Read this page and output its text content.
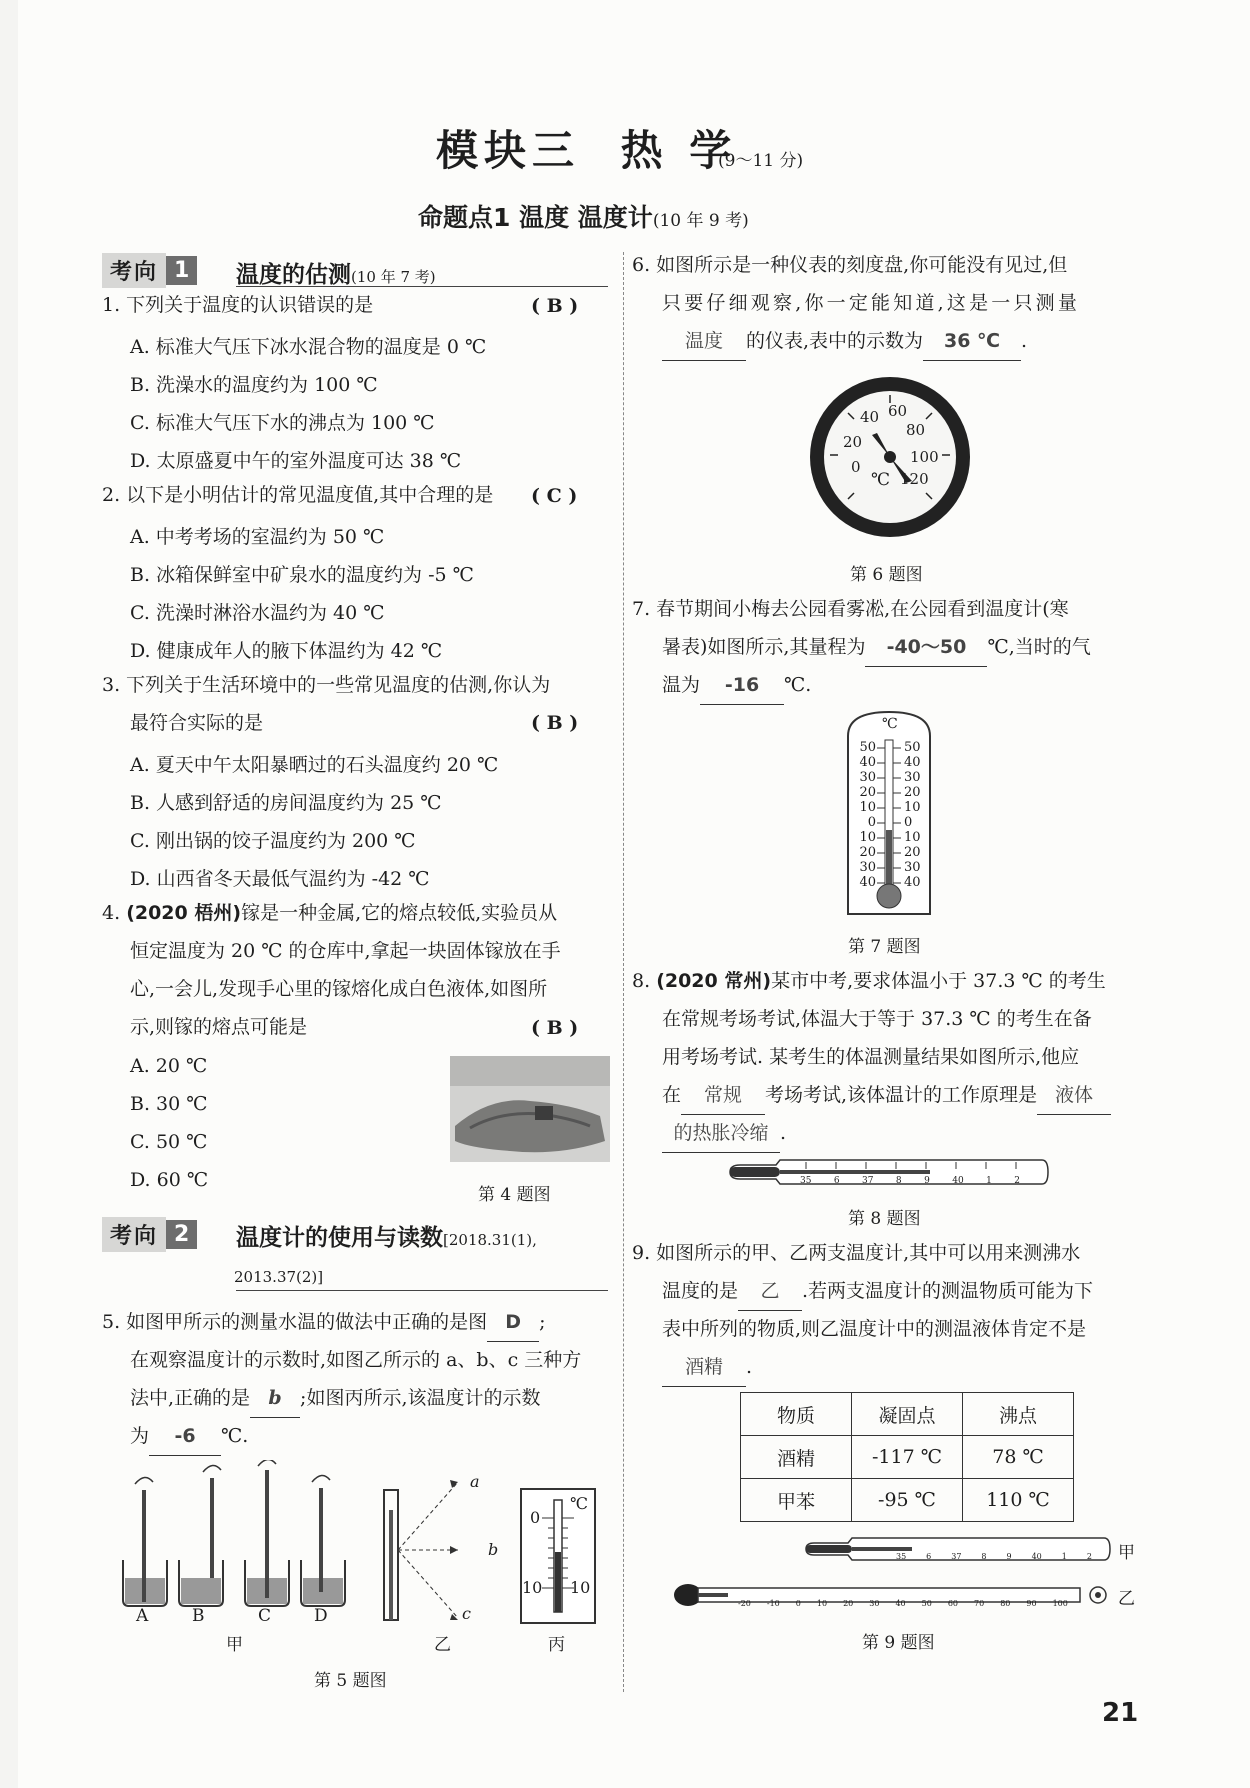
模块三 热 学
(9～11 分)
命题点1 温度 温度计(10 年 9 考)
考向 1	温度的估测(10 年 7 考)
1. 下列关于温度的认识错误的是	( B )
A. 标准大气压下冰水混合物的温度是 0 ℃
B. 洗澡水的温度约为 100 ℃
C. 标准大气压下水的沸点为 100 ℃
D. 太原盛夏中午的室外温度可达 38 ℃
2. 以下是小明估计的常见温度值,其中合理的是 ( C )
A. 中考考场的室温约为 50 ℃
B. 冰箱保鲜室中矿泉水的温度约为 -5 ℃
C. 洗澡时淋浴水温约为 40 ℃
D. 健康成年人的腋下体温约为 42 ℃
3. 下列关于生活环境中的一些常见温度的估测,你认为
最符合实际的是	( B )
A. 夏天中午太阳暴晒过的石头温度约 20 ℃
B. 人感到舒适的房间温度约为 25 ℃
C. 刚出锅的饺子温度约为 200 ℃
D. 山西省冬天最低气温约为 -42 ℃
4. (2020 梧州)镓是一种金属,它的熔点较低,实验员从
恒定温度为 20 ℃ 的仓库中,拿起一块固体镓放在手
心,一会儿,发现手心里的镓熔化成白色液体,如图所
示,则镓的熔点可能是	( B )
A. 20 ℃
B. 30 ℃
C. 50 ℃
D. 60 ℃
第 4 题图
考向 2	温度计的使用与读数[2018.31(1),
2013.37(2)]
5. 如图甲所示的测量水温的做法中正确的是图 D ;
在观察温度计的示数时,如图乙所示的 a、b、c 三种方
法中,正确的是 b ;如图丙所示,该温度计的示数
为 -6 ℃.
A	B	C	D
甲
a
b
c
乙
℃
0
10 10
丙
第 5 题图
6. 如图所示是一种仪表的刻度盘,你可能没有见过,但
只要仔细观察,你一定能知道,这是一只测量
温度 的仪表,表中的示数为 36 ℃ .
0
20
40 60
80
100
120
℃
第 6 题图
7. 春节期间小梅去公园看雾凇,在公园看到温度计(寒
暑表)如图所示,其量程为 -40～50 ℃,当时的气
温为 -16 ℃.
℃
50
40
30
20
10
0
10
20
30
40
50
40
30
20
10
0
10
20
30
40
第 7 题图
8. (2020 常州)某市中考,要求体温小于 37.3 ℃ 的考生
在常规考场考试,体温大于等于 37.3 ℃ 的考生在备
用考场考试. 某考生的体温测量结果如图所示,他应
在 常规 考场考试,该体温计的工作原理是 液体
的热胀冷缩 .
35 6 37 8 9 40 1 2
第 8 题图
9. 如图所示的甲、乙两支温度计,其中可以用来测沸水
温度的是 乙 .若两支温度计的测温物质可能为下
表中所列的物质,则乙温度计中的测温液体肯定不是
酒精 .
物质	凝固点	沸点
酒精	-117 ℃	78 ℃
甲苯	-95 ℃	110 ℃
35 6 37 8 9 40 1 2 甲
-20 -10 0 10 20 30 40 50 60 70 80 90 100	乙
第 9 题图
21
